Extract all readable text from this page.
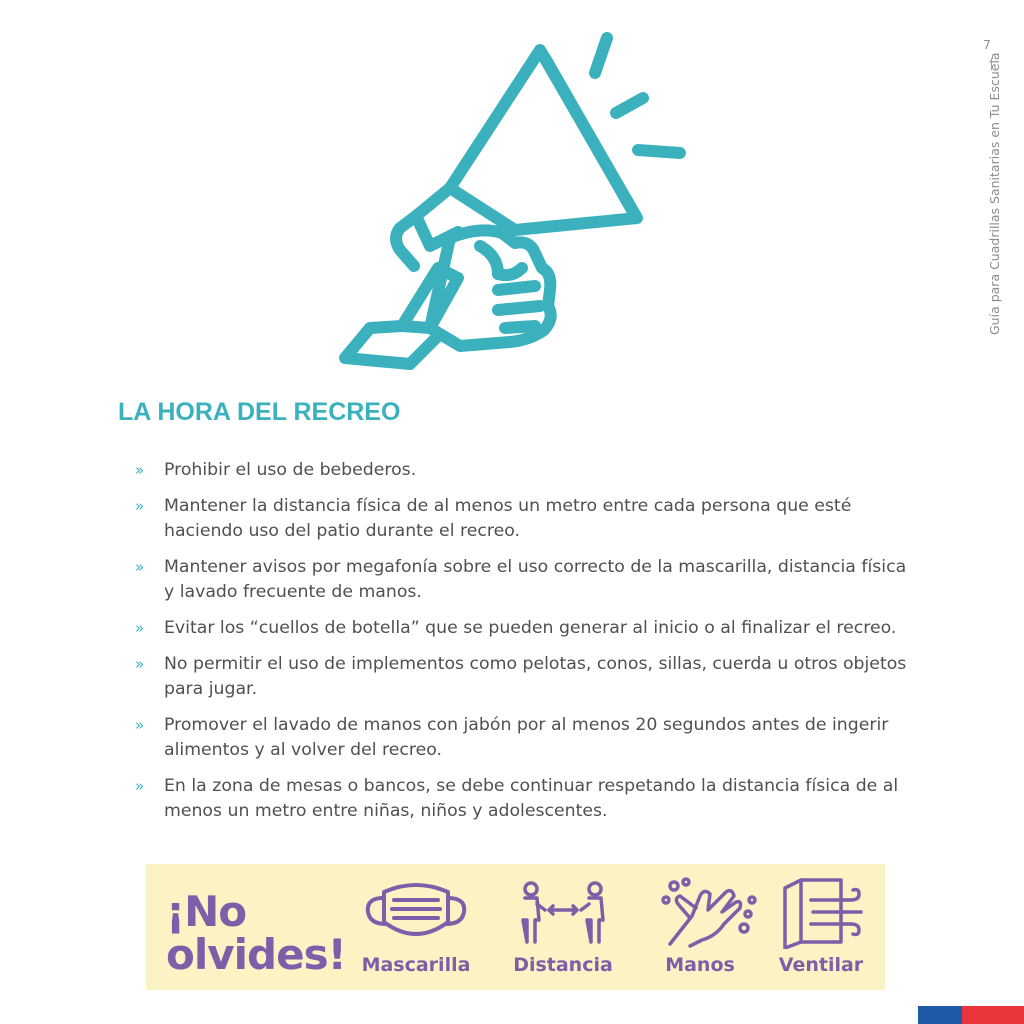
7
Guía para Cuadrillas Sanitarias en Tu Escuela
LA HORA DEL RECREO
» Prohibir el uso de bebederos.
» Mantener la distancia física de al menos un metro entre cada persona que esté haciendo uso del patio durante el recreo.
» Mantener avisos por megafonía sobre el uso correcto de la mascarilla, distancia física y lavado frecuente de manos.
» Evitar los “cuellos de botella” que se pueden generar al inicio o al finalizar el recreo.
» No permitir el uso de implementos como pelotas, conos, sillas, cuerda u otros objetos para jugar.
» Promover el lavado de manos con jabón por al menos 20 segundos antes de ingerir alimentos y al volver del recreo.
» En la zona de mesas o bancos, se debe continuar respetando la distancia física de al menos un metro entre niñas, niños y adolescentes.
¡No
olvides! Mascarilla	Distancia	Manos	Ventilar
